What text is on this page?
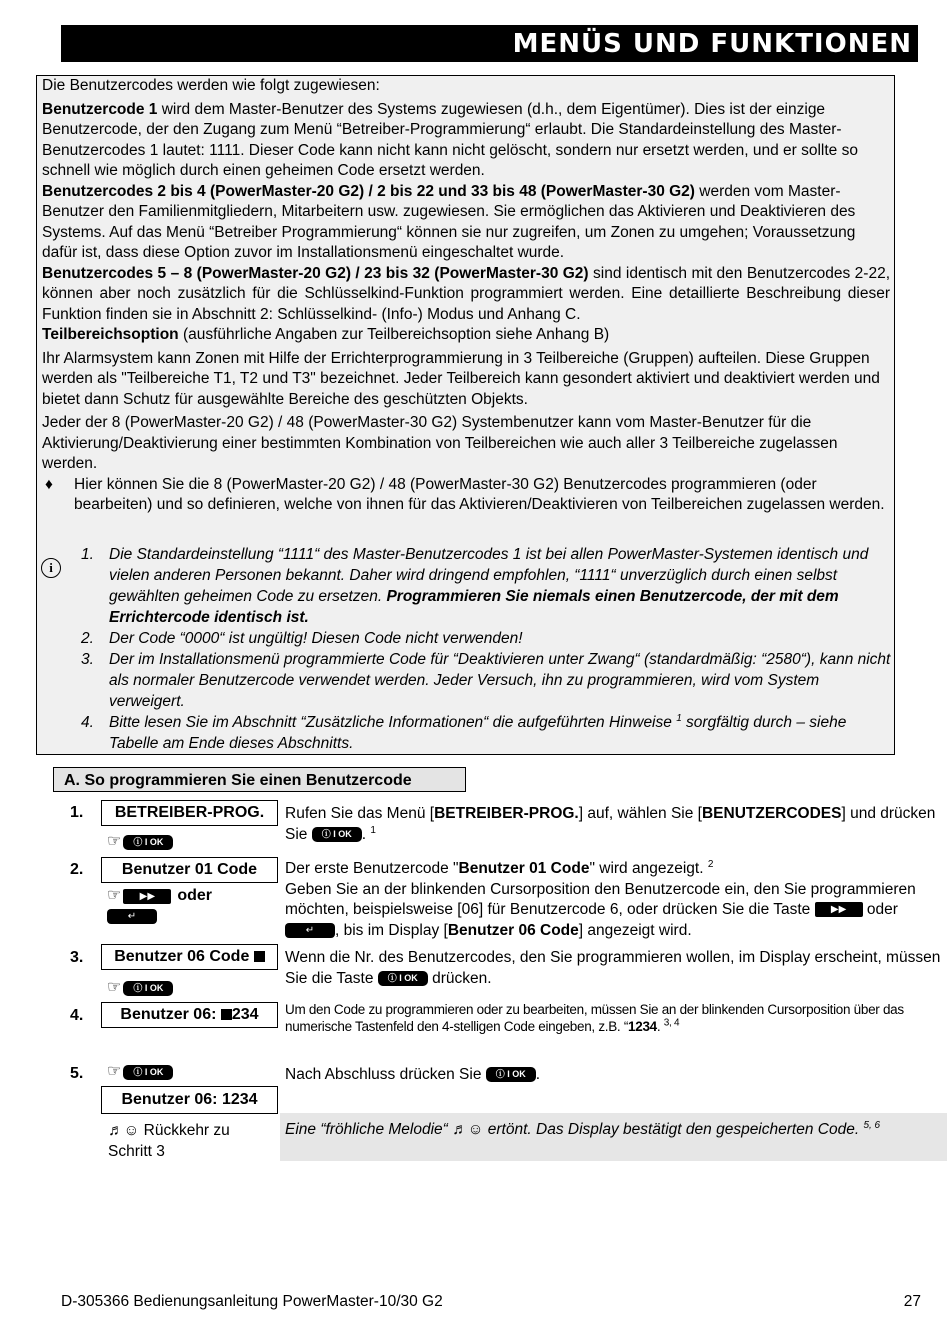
MENÜS UND FUNKTIONEN

Die Benutzercodes werden wie folgt zugewiesen:

Benutzercode 1 wird dem Master-Benutzer des Systems zugewiesen (d.h., dem Eigentümer). Dies ist der einzige Benutzercode, der den Zugang zum Menü “Betreiber-Programmierung“ erlaubt. Die Standardeinstellung des Master-Benutzercodes 1 lautet: 1111. Dieser Code kann nicht kann nicht gelöscht, sondern nur ersetzt werden, und er sollte so schnell wie möglich durch einen geheimen Code ersetzt werden.

Benutzercodes 2 bis 4 (PowerMaster-20 G2) / 2 bis 22 und 33 bis 48 (PowerMaster-30 G2) werden vom Master-Benutzer den Familienmitgliedern, Mitarbeitern usw. zugewiesen. Sie ermöglichen das Aktivieren und Deaktivieren des Systems. Auf das Menü “Betreiber Programmierung“ können sie nur zugreifen, um Zonen zu umgehen; Voraussetzung dafür ist, dass diese Option zuvor im Installationsmenü eingeschaltet wurde.

Benutzercodes 5 – 8 (PowerMaster-20 G2) / 23 bis 32 (PowerMaster-30 G2) sind identisch mit den Benutzercodes 2-22, können aber noch zusätzlich für die Schlüsselkind-Funktion programmiert werden. Eine detaillierte Beschreibung dieser Funktion finden sie in Abschnitt 2: Schlüsselkind- (Info-) Modus und Anhang C.

Teilbereichsoption (ausführliche Angaben zur Teilbereichsoption siehe Anhang B)

Ihr Alarmsystem kann Zonen mit Hilfe der Errichterprogrammierung in 3 Teilbereiche (Gruppen) aufteilen. Diese Gruppen werden als "Teilbereiche T1, T2 und T3" bezeichnet. Jeder Teilbereich kann gesondert aktiviert und deaktiviert werden und bietet dann Schutz für ausgewählte Bereiche des geschützten Objekts.

Jeder der 8 (PowerMaster-20 G2) / 48 (PowerMaster-30 G2) Systembenutzer kann vom Master-Benutzer für die Aktivierung/Deaktivierung einer bestimmten Kombination von Teilbereichen wie auch aller 3 Teilbereiche zugelassen werden.

♦	Hier können Sie die 8 (PowerMaster-20 G2) / 48 (PowerMaster-30 G2) Benutzercodes programmieren (oder bearbeiten) und so definieren, welche von ihnen für das Aktivieren/Deaktivieren von Teilbereichen zugelassen werden.
i
1. Die Standardeinstellung “1111“ des Master-Benutzercodes 1 ist bei allen PowerMaster-Systemen identisch und vielen anderen Personen bekannt. Daher wird dringend empfohlen, “1111“ unverzüglich durch einen selbst gewählten geheimen Code zu ersetzen. Programmieren Sie niemals einen Benutzercode, der mit dem Errichtercode identisch ist.
2. Der Code “0000“ ist ungültig! Diesen Code nicht verwenden!
3. Der im Installationsmenü programmierte Code für “Deaktivieren unter Zwang“ (standardmäßig: “2580“), kann nicht als normaler Benutzercode verwendet werden. Jeder Versuch, ihn zu programmieren, wird vom System verweigert.
4. Bitte lesen Sie im Abschnitt “Zusätzliche Informationen“ die aufgeführten Hinweise $^1$ sorgfältig durch – siehe Tabelle am Ende dieses Abschnitts.
A. So programmieren Sie einen Benutzercode
1.	BETREIBER-PROG.
☞	ⓘ I OK
Rufen Sie das Menü [BETREIBER-PROG.] auf, wählen Sie [BENUTZERCODES] und drücken Sie ⓘ I OK . $^1$
2.	Benutzer 01 Code
☞	▶▶	oder
↵
Der erste Benutzercode "Benutzer 01 Code" wird angezeigt. $^2$
Geben Sie an der blinkenden Cursorposition den Benutzercode ein, den Sie programmieren möchten, beispielsweise [06] für Benutzercode 6, oder drücken Sie die Taste ▶▶ oder ↵ , bis im Display [Benutzer 06 Code] angezeigt wird.
3.	Benutzer 06 Code
☞	ⓘ I OK
Wenn die Nr. des Benutzercodes, den Sie programmieren wollen, im Display erscheint, müssen Sie die Taste ⓘ I OK drücken.
4.	Benutzer 06: 234	Um den Code zu programmieren oder zu bearbeiten, müssen Sie an der blinkenden Cursorposition über das numerische Tastenfeld den 4-stelligen Code eingeben, z.B. “1234. $^{3, 4}$
5. ☞	ⓘ I OK	Nach Abschluss drücken Sie ⓘ I OK .
Benutzer 06: 1234
♬☺ Rückkehr zu Schritt 3
Eine “fröhliche Melodie“ ♬☺ ertönt. Das Display bestätigt den gespeicherten Code. $^{5, 6}$
D-305366 Bedienungsanleitung PowerMaster-10/30 G2	27
